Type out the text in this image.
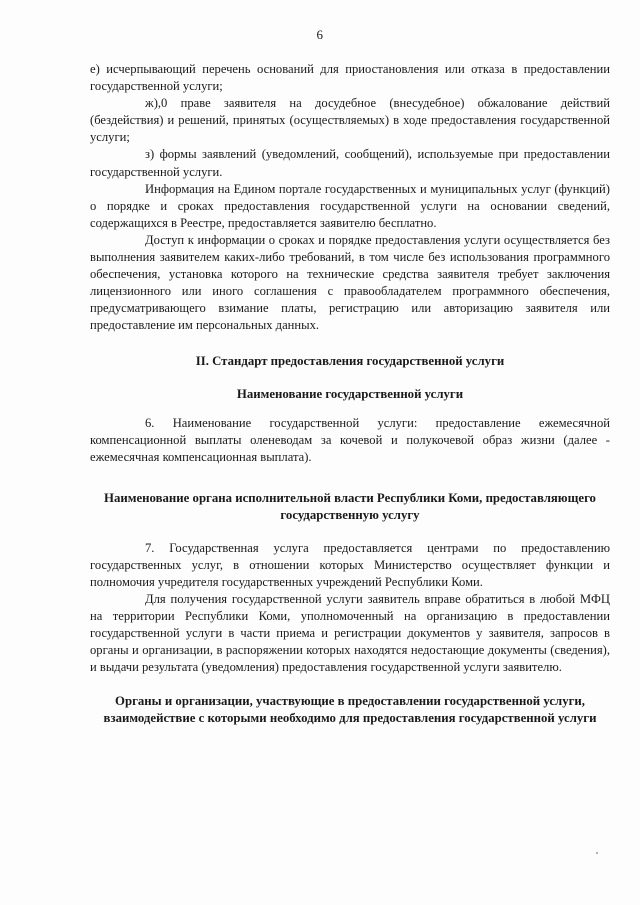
6

е) исчерпывающий перечень оснований для приостановления или отказа в предоставлении государственной услуги;

ж),0 праве заявителя на досудебное (внесудебное) обжалование действий (бездействия) и решений, принятых (осуществляемых) в ходе предоставления государственной услуги;

з) формы заявлений (уведомлений, сообщений), используемые при предоставлении государственной услуги.

Информация на Едином портале государственных и муниципальных услуг (функций) о порядке и сроках предоставления государственной услуги на основании сведений, содержащихся в Реестре, предоставляется заявителю бесплатно.

Доступ к информации о сроках и порядке предоставления услуги осуществляется без выполнения заявителем каких-либо требований, в том числе без использования программного обеспечения, установка которого на технические средства заявителя требует заключения лицензионного или иного соглашения с правообладателем программного обеспечения, предусматривающего взимание платы, регистрацию или авторизацию заявителя или предоставление им персональных данных.

II. Стандарт предоставления государственной услуги

Наименование государственной услуги

6. Наименование государственной услуги: предоставление ежемесячной компенсационной выплаты оленеводам за кочевой и полукочевой образ жизни (далее - ежемесячная компенсационная выплата).

Наименование органа исполнительной власти Республики Коми, предоставляющего государственную услугу

7. Государственная услуга предоставляется центрами по предоставлению государственных услуг, в отношении которых Министерство осуществляет функции и полномочия учредителя государственных учреждений Республики Коми.

Для получения государственной услуги заявитель вправе обратиться в любой МФЦ на территории Республики Коми, уполномоченный на организацию в предоставлении государственной услуги в части приема и регистрации документов у заявителя, запросов в органы и организации, в распоряжении которых находятся недостающие документы (сведения), и выдачи результата (уведомления) предоставления государственной услуги заявителю.

Органы и организации, участвующие в предоставлении государственной услуги, взаимодействие с которыми необходимо для предоставления государственной услуги
